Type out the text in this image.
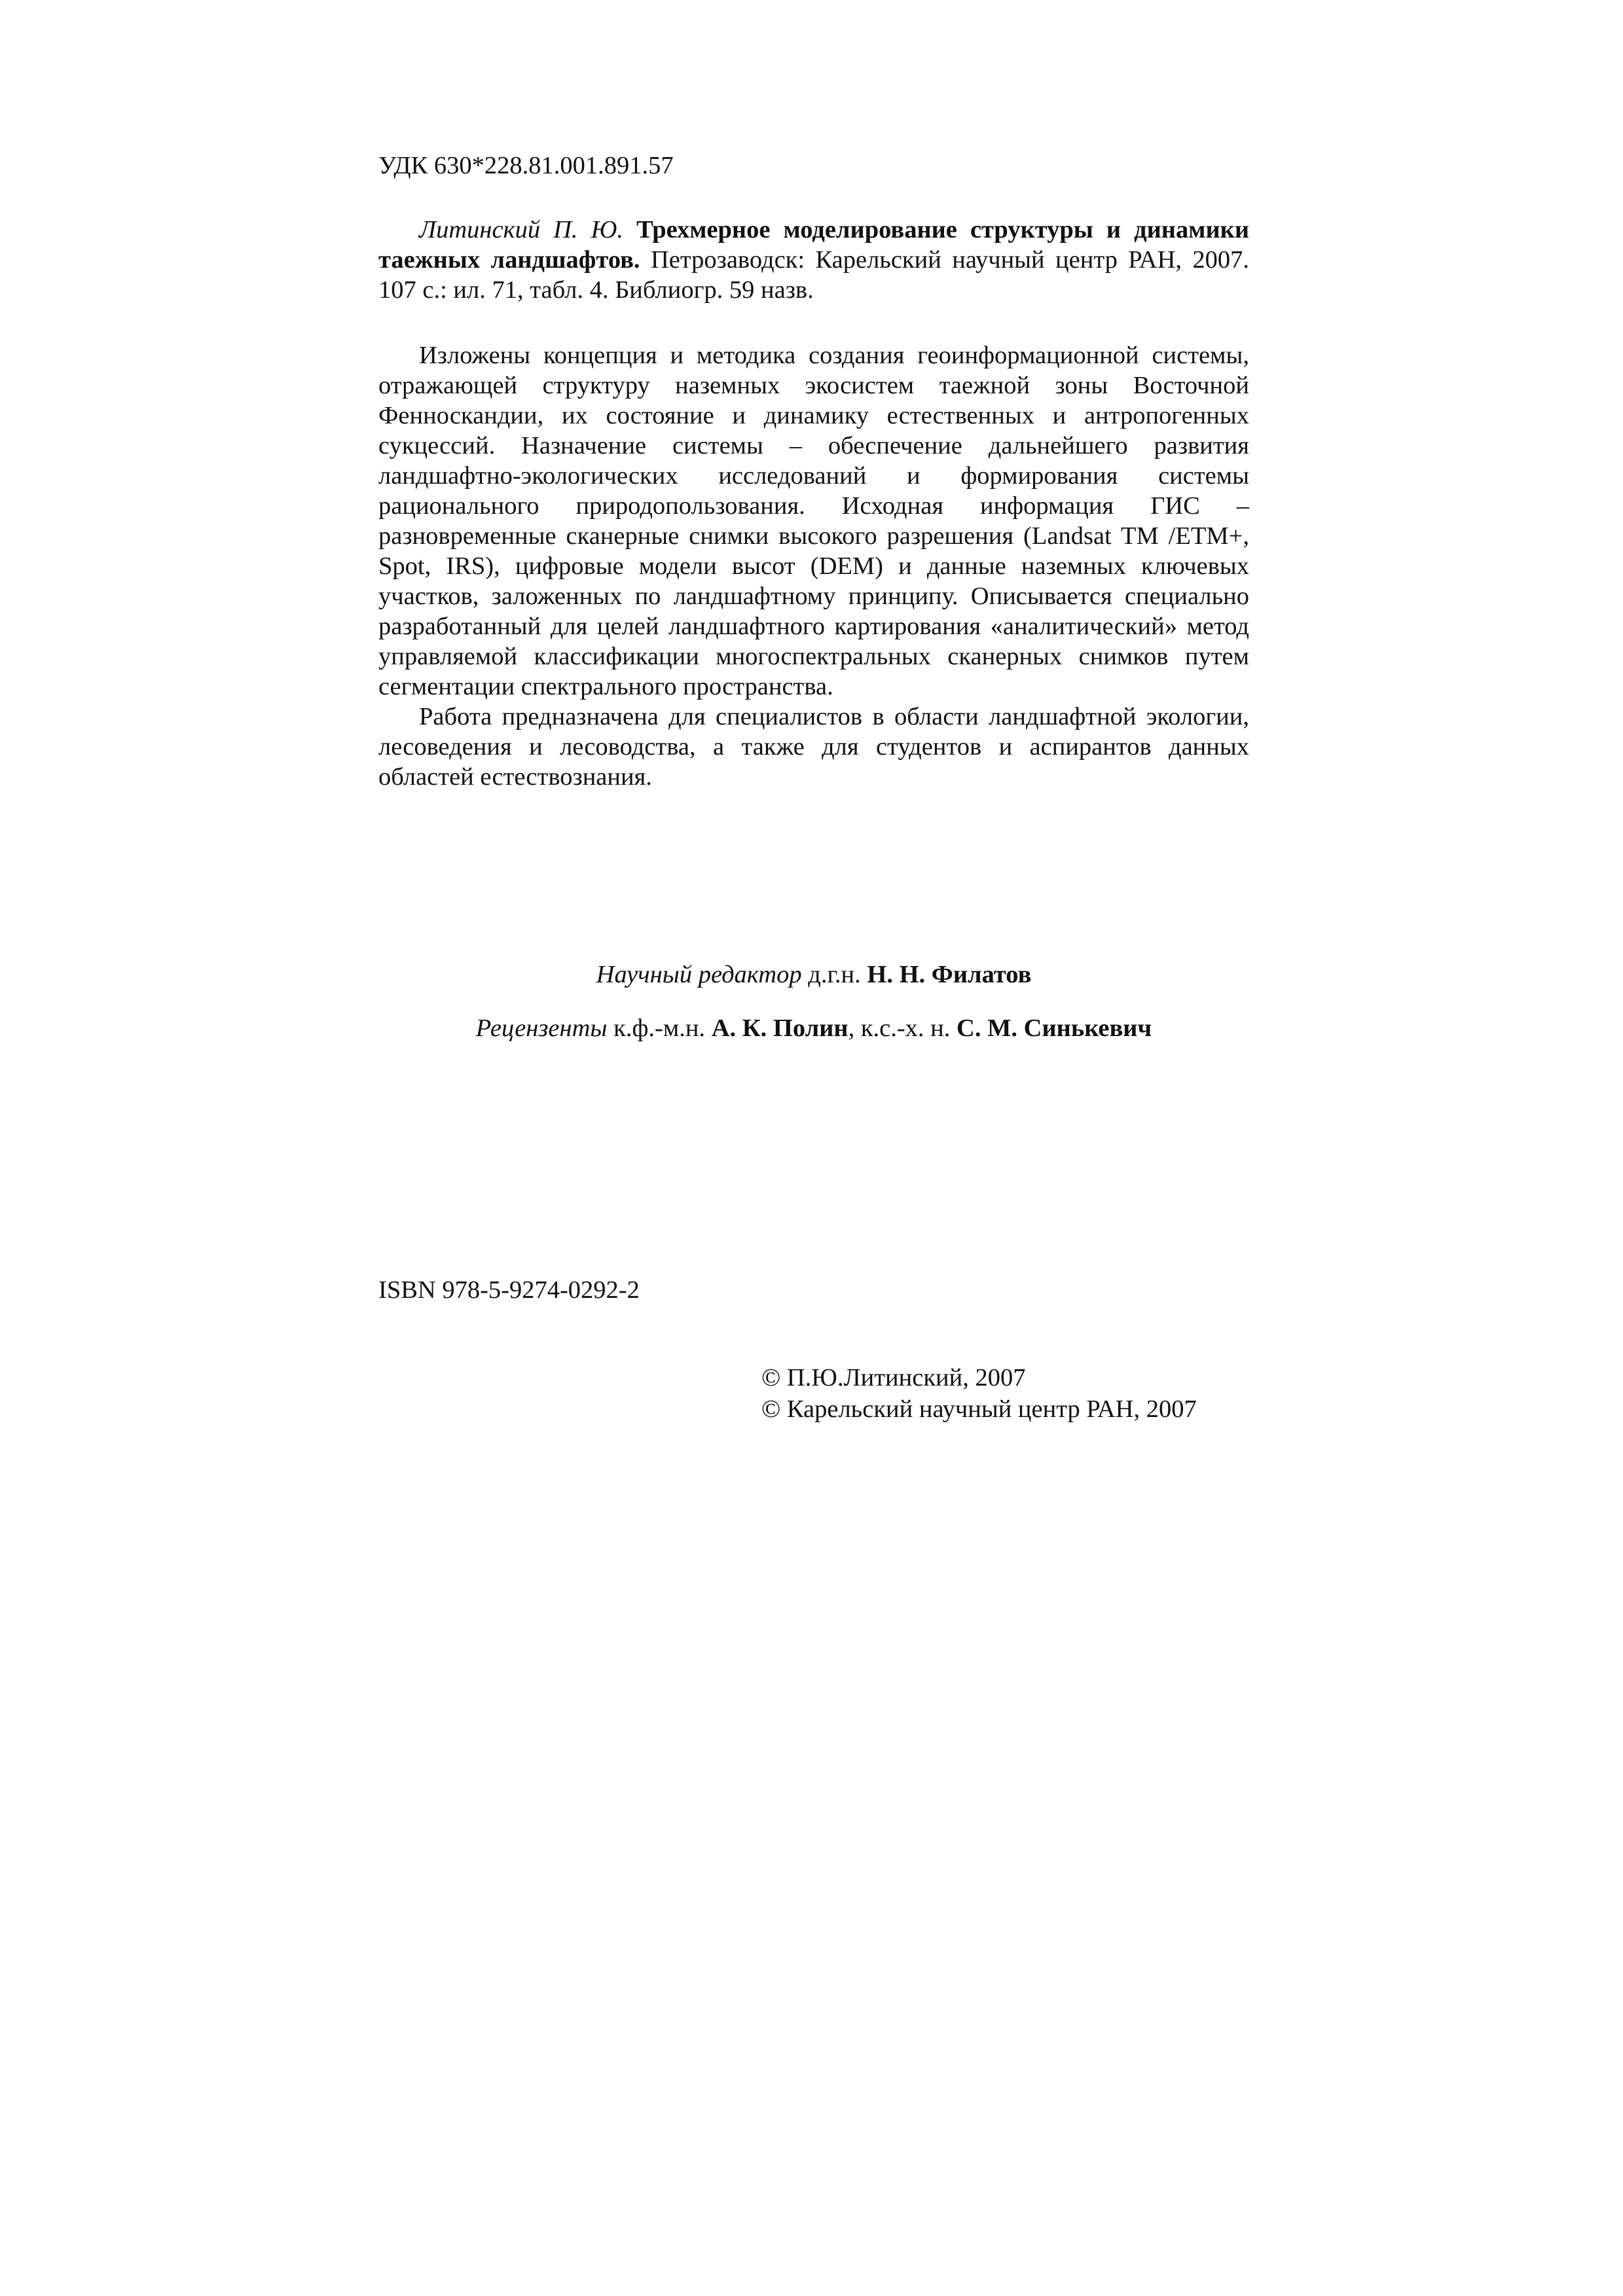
УДК 630*228.81.001.891.57

Литинский П. Ю. Трехмерное моделирование структуры и динамики таежных ландшафтов. Петрозаводск: Карельский научный центр РАН, 2007. 107 с.: ил. 71, табл. 4. Библиогр. 59 назв.

Изложены концепция и методика создания геоинформационной системы, отражающей структуру наземных экосистем таежной зоны Восточной Фенноскандии, их состояние и динамику естественных и антропогенных сукцессий. Назначение системы – обеспечение дальнейшего развития ландшафтно-экологических исследований и формирования системы рационального природопользования. Исходная информация ГИС – разновременные сканерные снимки высокого разрешения (Landsat TM /ETM+, Spot, IRS), цифровые модели высот (DEM) и данные наземных ключевых участков, заложенных по ландшафтному принципу. Описывается специально разработанный для целей ландшафтного картирования «аналитический» метод управляемой классификации многоспектральных сканерных снимков путем сегментации спектрального пространства.

Работа предназначена для специалистов в области ландшафтной экологии, лесоведения и лесоводства, а также для студентов и аспирантов данных областей естествознания.

Научный редактор д.г.н. Н. Н. Филатов
Рецензенты к.ф.-м.н. А. К. Полин, к.с.-х. н. С. М. Синькевич
ISBN 978-5-9274-0292-2
© П.Ю.Литинский, 2007
© Карельский научный центр РАН, 2007
